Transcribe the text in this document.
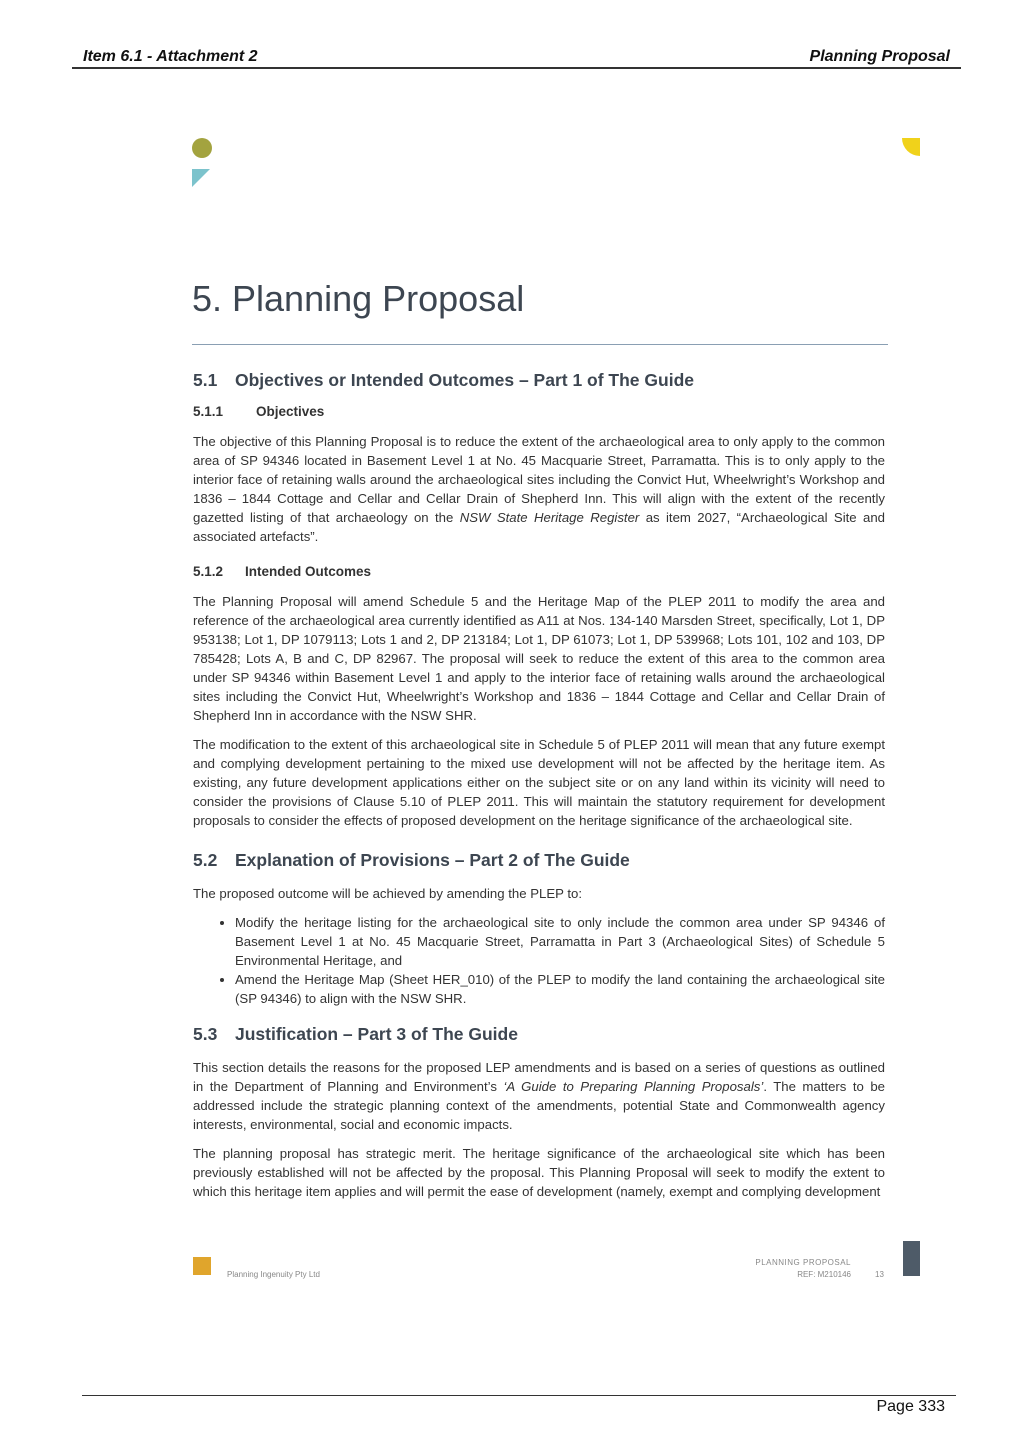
Item 6.1 - Attachment 2	Planning Proposal
5. Planning Proposal
5.1 Objectives or Intended Outcomes – Part 1 of The Guide
5.1.1 Objectives

The objective of this Planning Proposal is to reduce the extent of the archaeological area to only apply to the common area of SP 94346 located in Basement Level 1 at No. 45 Macquarie Street, Parramatta. This is to only apply to the interior face of retaining walls around the archaeological sites including the Convict Hut, Wheelwright’s Workshop and 1836 – 1844 Cottage and Cellar and Cellar Drain of Shepherd Inn. This will align with the extent of the recently gazetted listing of that archaeology on the NSW State Heritage Register as item 2027, “Archaeological Site and associated artefacts”.

5.1.2 Intended Outcomes

The Planning Proposal will amend Schedule 5 and the Heritage Map of the PLEP 2011 to modify the area and reference of the archaeological area currently identified as A11 at Nos. 134-140 Marsden Street, specifically, Lot 1, DP 953138; Lot 1, DP 1079113; Lots 1 and 2, DP 213184; Lot 1, DP 61073; Lot 1, DP 539968; Lots 101, 102 and 103, DP 785428; Lots A, B and C, DP 82967. The proposal will seek to reduce the extent of this area to the common area under SP 94346 within Basement Level 1 and apply to the interior face of retaining walls around the archaeological sites including the Convict Hut, Wheelwright’s Workshop and 1836 – 1844 Cottage and Cellar and Cellar Drain of Shepherd Inn in accordance with the NSW SHR.

The modification to the extent of this archaeological site in Schedule 5 of PLEP 2011 will mean that any future exempt and complying development pertaining to the mixed use development will not be affected by the heritage item. As existing, any future development applications either on the subject site or on any land within its vicinity will need to consider the provisions of Clause 5.10 of PLEP 2011. This will maintain the statutory requirement for development proposals to consider the effects of proposed development on the heritage significance of the archaeological site.

5.2 Explanation of Provisions – Part 2 of The Guide

The proposed outcome will be achieved by amending the PLEP to:

• Modify the heritage listing for the archaeological site to only include the common area under SP 94346 of Basement Level 1 at No. 45 Macquarie Street, Parramatta in Part 3 (Archaeological Sites) of Schedule 5 Environmental Heritage, and
• Amend the Heritage Map (Sheet HER_010) of the PLEP to modify the land containing the archaeological site (SP 94346) to align with the NSW SHR.
5.3 Justification – Part 3 of The Guide

This section details the reasons for the proposed LEP amendments and is based on a series of questions as outlined in the Department of Planning and Environment’s ‘A Guide to Preparing Planning Proposals’. The matters to be addressed include the strategic planning context of the amendments, potential State and Commonwealth agency interests, environmental, social and economic impacts.

The planning proposal has strategic merit. The heritage significance of the archaeological site which has been previously established will not be affected by the proposal. This Planning Proposal will seek to modify the extent to which this heritage item applies and will permit the ease of development (namely, exempt and complying development

Planning Ingenuity Pty Ltd
PLANNING PROPOSAL
REF: M210146	13
Page 333
